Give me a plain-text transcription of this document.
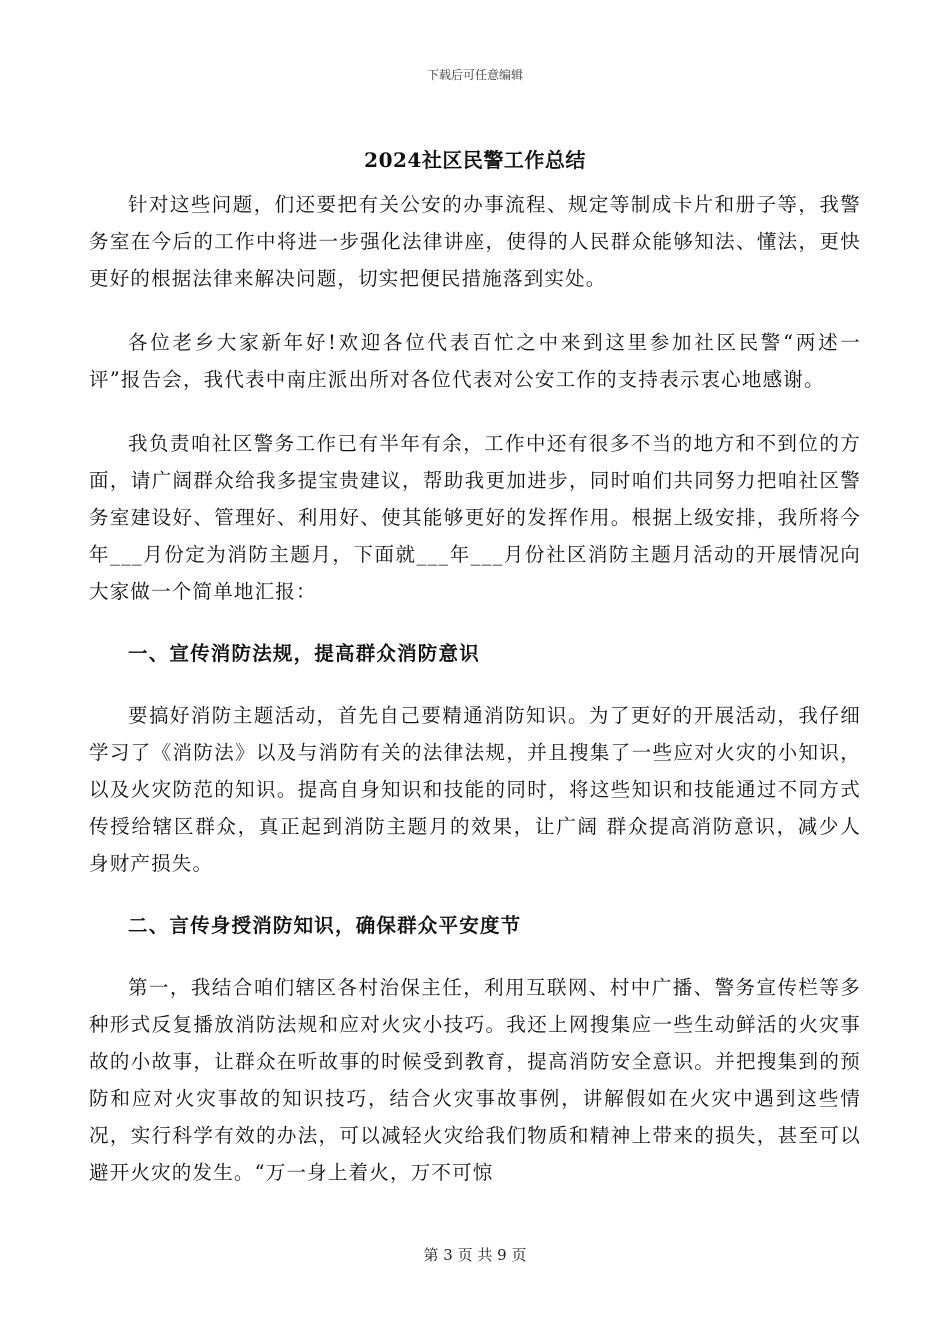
下载后可任意编辑
2024社区民警工作总结

针对这些问题，们还要把有关公安的办事流程、规定等制成卡片和册子等，我警务室在今后的工作中将进一步强化法律讲座，使得的人民群众能够知法、懂法，更快更好的根据法律来解决问题，切实把便民措施落到实处。

各位老乡大家新年好!欢迎各位代表百忙之中来到这里参加社区民警“两述一评”报告会，我代表中南庄派出所对各位代表对公安工作的支持表示衷心地感谢。

我负责咱社区警务工作已有半年有余，工作中还有很多不当的地方和不到位的方面，请广阔群众给我多提宝贵建议，帮助我更加进步，同时咱们共同努力把咱社区警务室建设好、管理好、利用好、使其能够更好的发挥作用。根据上级安排，我所将今年___月份定为消防主题月，下面就___年___月份社区消防主题月活动的开展情况向大家做一个简单地汇报：

一、宣传消防法规，提高群众消防意识

要搞好消防主题活动，首先自己要精通消防知识。为了更好的开展活动，我仔细学习了《消防法》以及与消防有关的法律法规，并且搜集了一些应对火灾的小知识，以及火灾防范的知识。提高自身知识和技能的同时，将这些知识和技能通过不同方式传授给辖区群众，真正起到消防主题月的效果，让广阔 群众提高消防意识，减少人身财产损失。

二、言传身授消防知识，确保群众平安度节

第一，我结合咱们辖区各村治保主任，利用互联网、村中广播、警务宣传栏等多种形式反复播放消防法规和应对火灾小技巧。我还上网搜集应一些生动鲜活的火灾事故的小故事，让群众在听故事的时候受到教育，提高消防安全意识。并把搜集到的预防和应对火灾事故的知识技巧，结合火灾事故事例，讲解假如在火灾中遇到这些情况，实行科学有效的办法，可以减轻火灾给我们物质和精神上带来的损失，甚至可以避开火灾的发生。“万一身上着火，万不可惊

第 3 页 共 9 页
